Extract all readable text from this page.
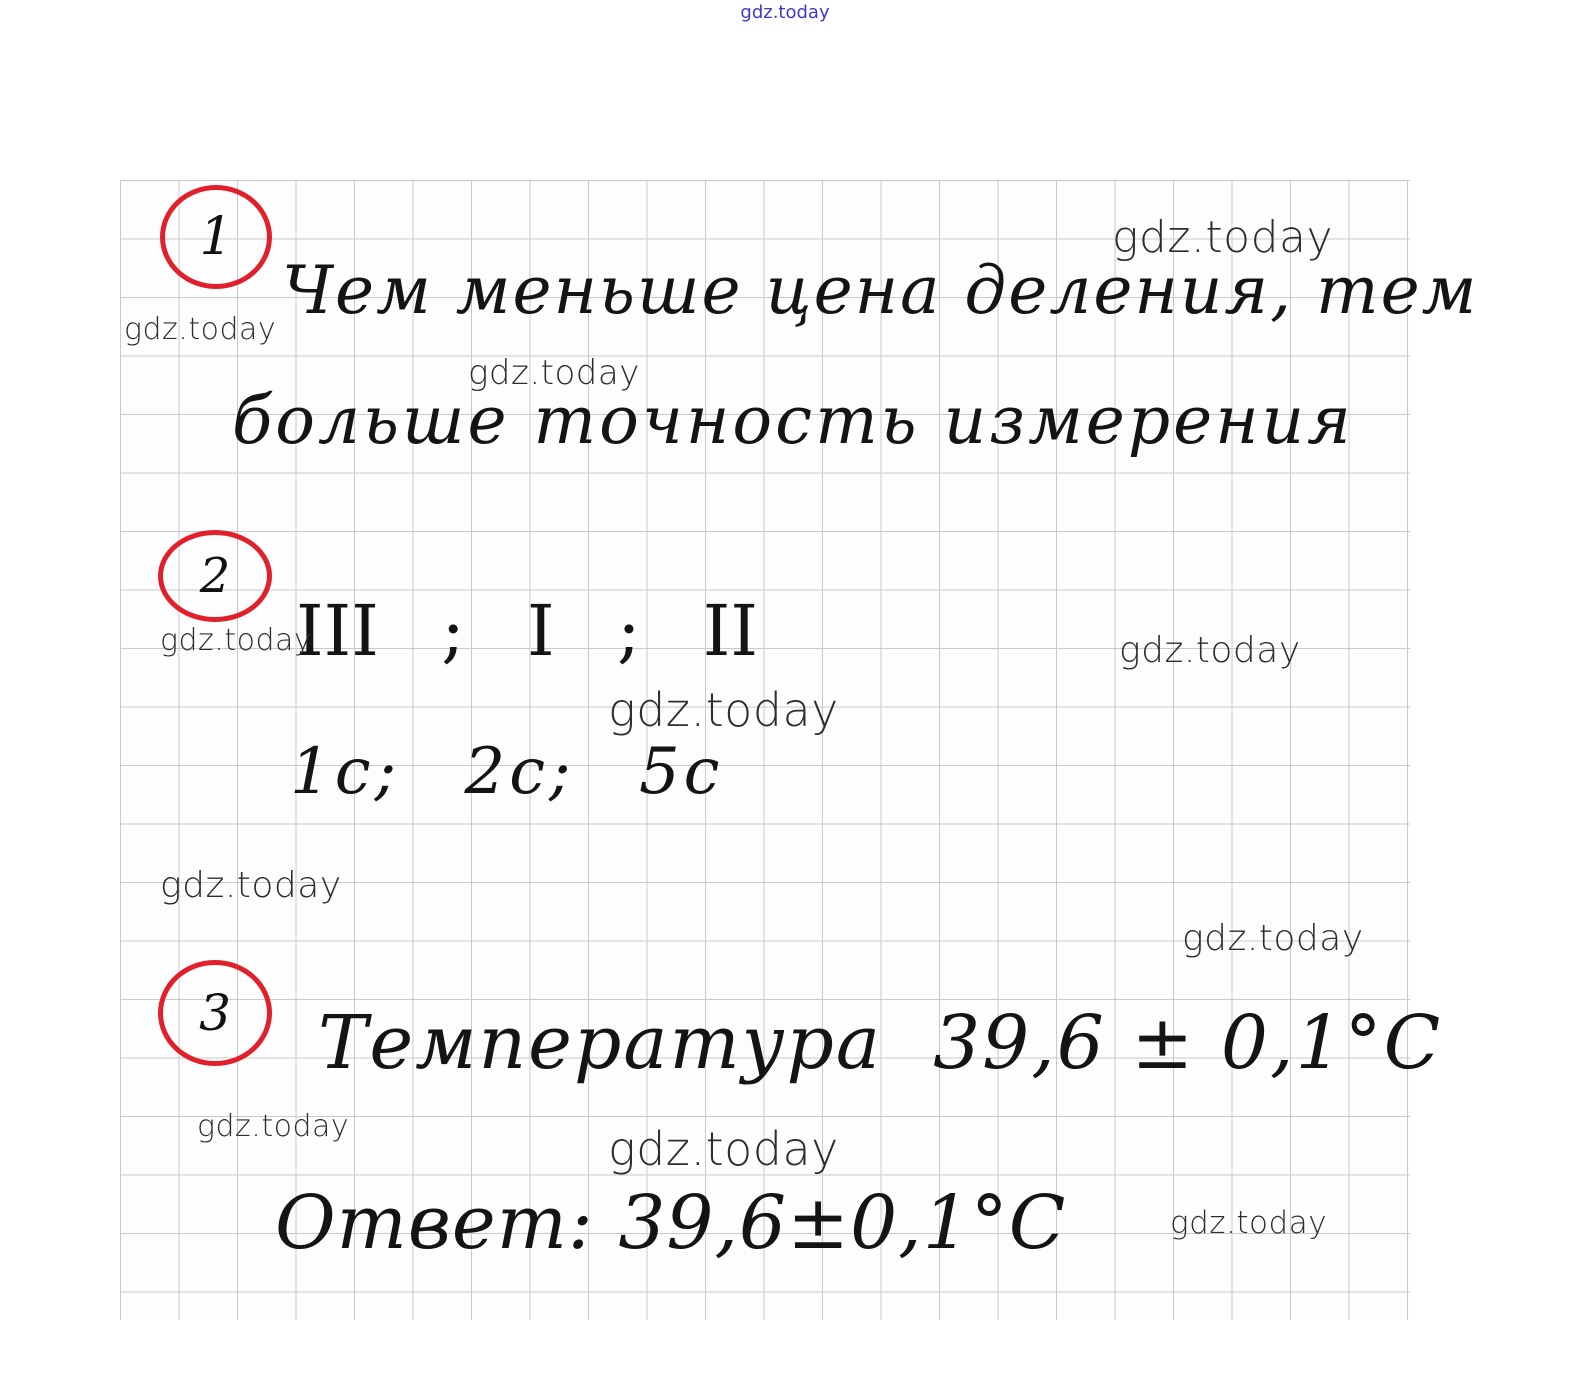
gdz.today
1
Чем меньше цена деления, тем
больше точность измерения
2
III ; I ; II
1с; 2с; 5с
3 Температура  39,6 ± 0,1°С
Ответ: 39,6±0,1°С
gdz.today
gdz.today
gdz.today
gdz.today	gdz.today
gdz.today
gdz.today
gdz.today
gdz.today	gdz.today
gdz.today
